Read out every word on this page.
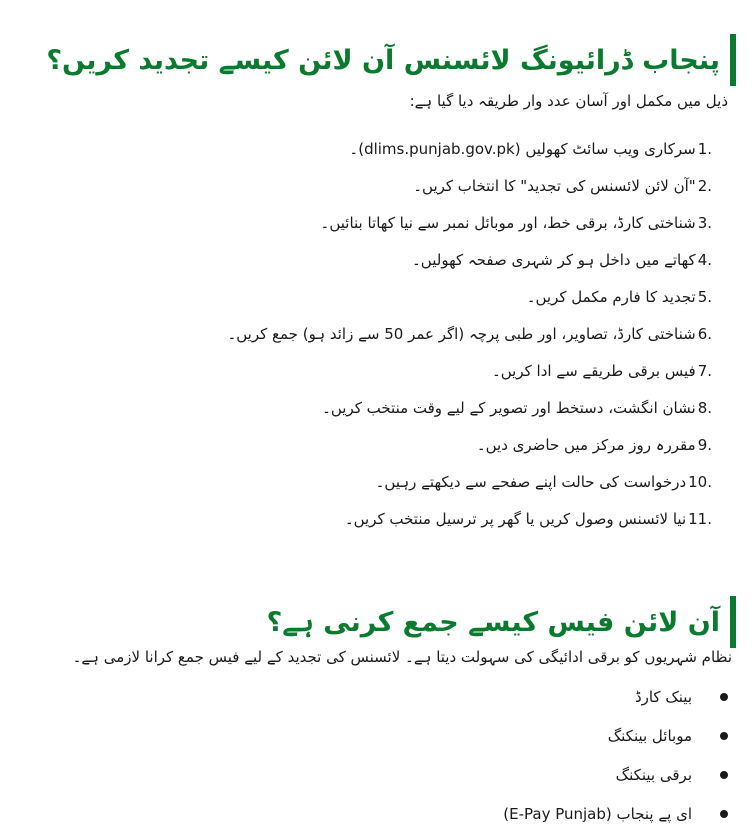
پنجاب ڈرائیونگ لائسنس آن لائن کیسے تجدید کریں؟
ذیل میں مکمل اور آسان عدد وار طریقہ دیا گیا ہے:
1.سرکاری ویب سائٹ کھولیں (dlims.punjab.gov.pk)۔
2."آن لائن لائسنس کی تجدید" کا انتخاب کریں۔
3.شناختی کارڈ، برقی خط، اور موبائل نمبر سے نیا کھاتا بنائیں۔
4.کھاتے میں داخل ہو کر شہری صفحہ کھولیں۔
5.تجدید کا فارم مکمل کریں۔
6.شناختی کارڈ، تصاویر، اور طبی پرچہ (اگر عمر 50 سے زائد ہو) جمع کریں۔
7.فیس برقی طریقے سے ادا کریں۔
8.نشان انگشت، دستخط اور تصویر کے لیے وقت منتخب کریں۔
9.مقررہ روز مرکز میں حاضری دیں۔
10.درخواست کی حالت اپنے صفحے سے دیکھتے رہیں۔
11.نیا لائسنس وصول کریں یا گھر پر ترسیل منتخب کریں۔
آن لائن فیس کیسے جمع کرنی ہے؟
نظام شہریوں کو برقی ادائیگی کی سہولت دیتا ہے۔ لائسنس کی تجدید کے لیے فیس جمع کرانا لازمی ہے۔
بینک کارڈ
موبائل بینکنگ
برقی بینکنگ
ای پے پنجاب (E-Pay Punjab)
